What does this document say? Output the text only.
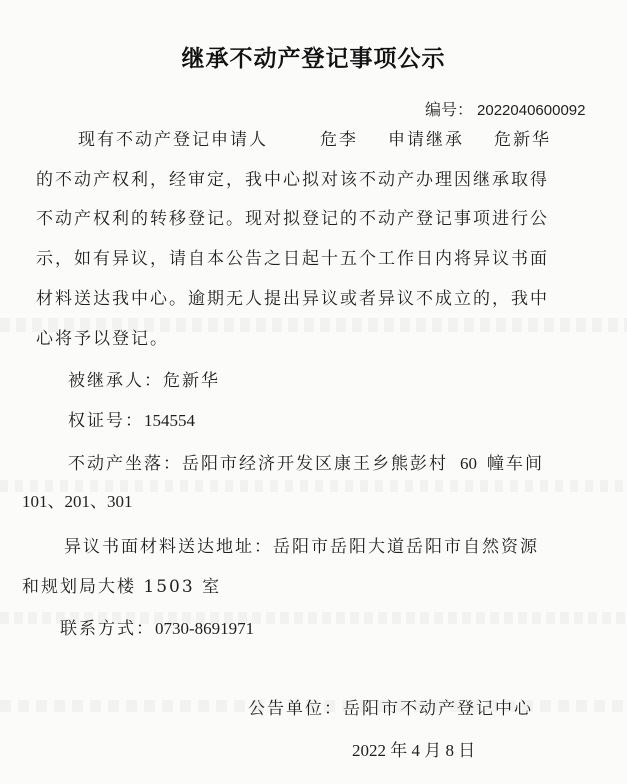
继承不动产登记事项公示
编号： 2022040600092
现有不动产登记申请人	危李 申请继承 危新华
的不动产权利，经审定，我中心拟对该不动产办理因继承取得
不动产权利的转移登记。现对拟登记的不动产登记事项进行公
示，如有异议，请自本公告之日起十五个工作日内将异议书面
材料送达我中心。逾期无人提出异议或者异议不成立的，我中
心将予以登记。
被继承人：危新华
权证号：154554
不动产坐落：岳阳市经济开发区康王乡熊彭村 60 幢车间
101、201、301
异议书面材料送达地址：岳阳市岳阳大道岳阳市自然资源
和规划局大楼 1503 室
联系方式：0730-8691971
公告单位：岳阳市不动产登记中心
2022 年 4 月 8 日
